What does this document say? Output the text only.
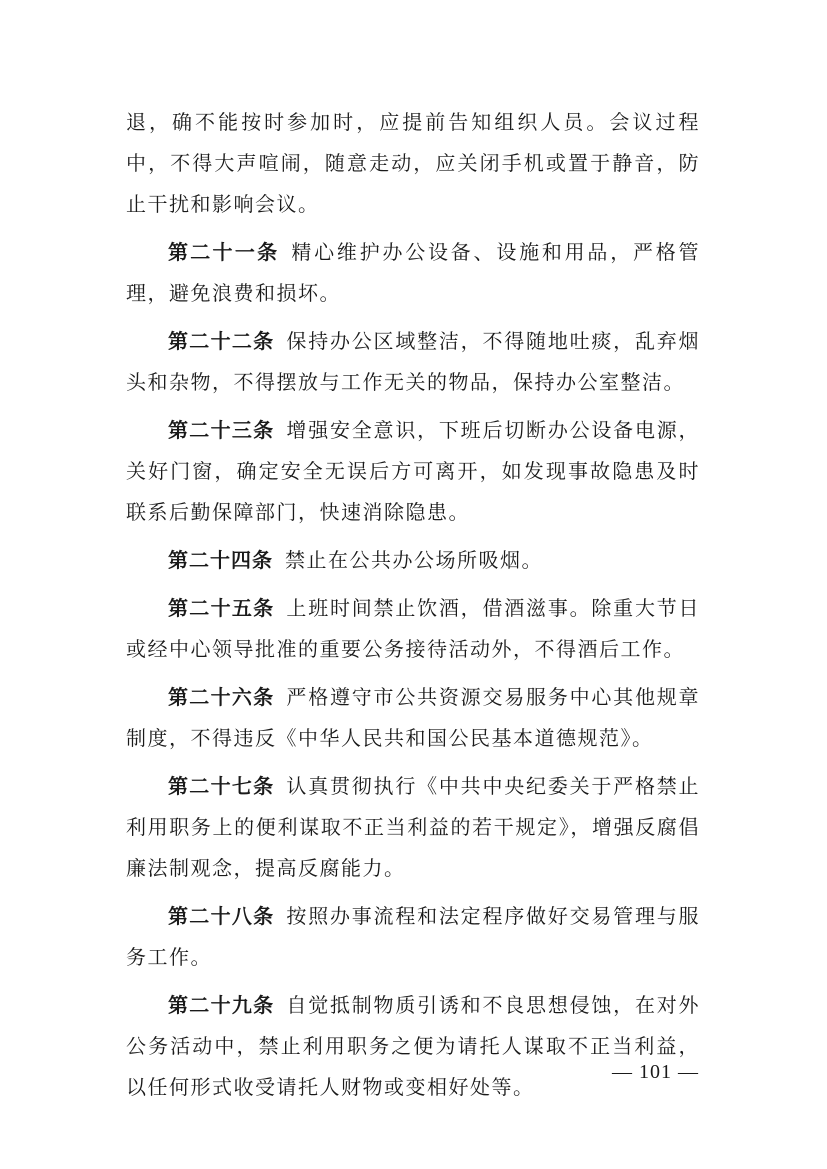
退，确不能按时参加时，应提前告知组织人员。会议过程中，不得大声喧闹，随意走动，应关闭手机或置于静音，防止干扰和影响会议。

第二十一条 精心维护办公设备、设施和用品，严格管理，避免浪费和损坏。

第二十二条 保持办公区域整洁，不得随地吐痰，乱弃烟头和杂物，不得摆放与工作无关的物品，保持办公室整洁。

第二十三条 增强安全意识，下班后切断办公设备电源，关好门窗，确定安全无误后方可离开，如发现事故隐患及时联系后勤保障部门，快速消除隐患。

第二十四条 禁止在公共办公场所吸烟。

第二十五条 上班时间禁止饮酒，借酒滋事。除重大节日或经中心领导批准的重要公务接待活动外，不得酒后工作。

第二十六条 严格遵守市公共资源交易服务中心其他规章制度，不得违反《中华人民共和国公民基本道德规范》。

第二十七条 认真贯彻执行《中共中央纪委关于严格禁止利用职务上的便利谋取不正当利益的若干规定》，增强反腐倡廉法制观念，提高反腐能力。

第二十八条 按照办事流程和法定程序做好交易管理与服务工作。

第二十九条 自觉抵制物质引诱和不良思想侵蚀，在对外公务活动中，禁止利用职务之便为请托人谋取不正当利益，以任何形式收受请托人财物或变相好处等。

— 101 —
